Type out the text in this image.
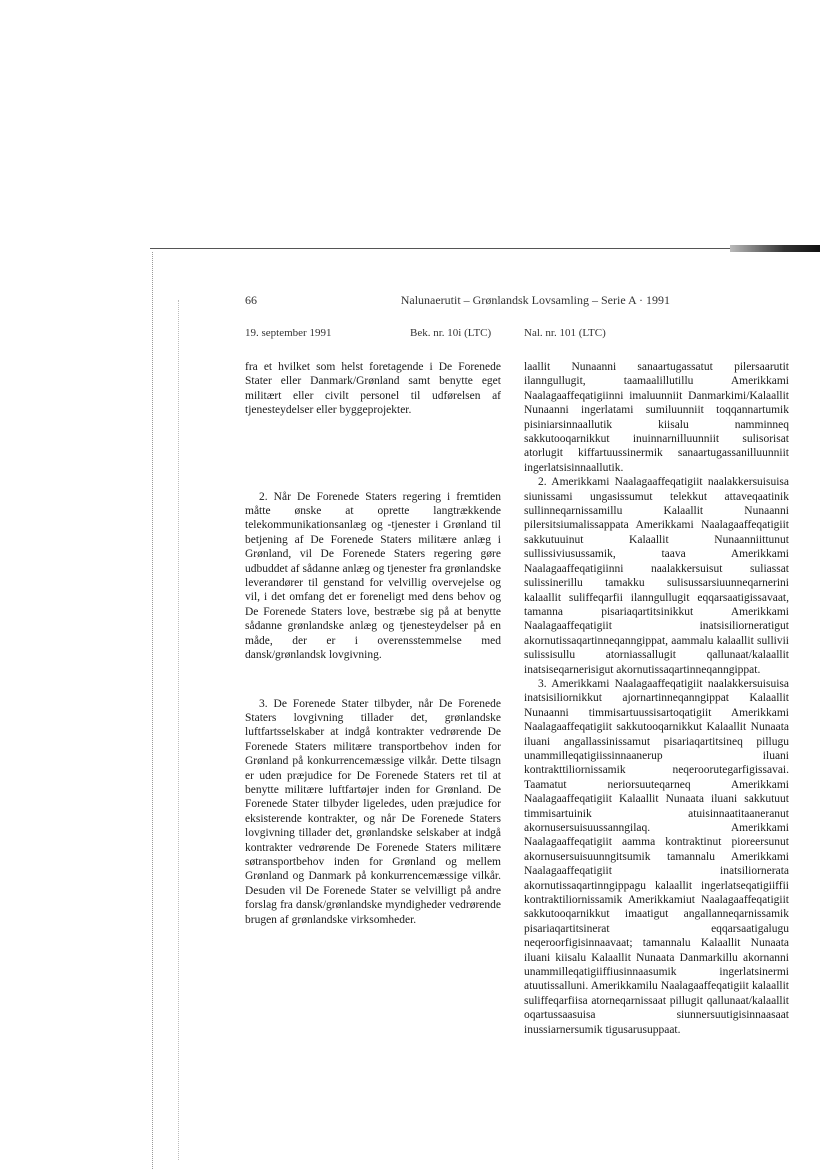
66	Nalunaerutit – Grønlandsk Lovsamling – Serie A · 1991
19. september 1991	Bek. nr. 10i (LTC)	Nal. nr. 101 (LTC)

fra et hvilket som helst foretagende i De Forenede Stater eller Danmark/Grønland samt benytte eget militært eller civilt personel til udførelsen af tjenesteydelser eller byggeprojekter.

2. Når De Forenede Staters regering i fremtiden måtte ønske at oprette langtrækkende telekommunikationsanlæg og -tjenester i Grønland til betjening af De Forenede Staters militære anlæg i Grønland, vil De Forenede Staters regering gøre udbuddet af sådanne anlæg og tjenester fra grønlandske leverandører til genstand for velvillig overvejelse og vil, i det omfang det er foreneligt med dens behov og De Forenede Staters love, bestræbe sig på at benytte sådanne grønlandske anlæg og tjenesteydelser på en måde, der er i overensstemmelse med dansk/grønlandsk lovgivning.

3. De Forenede Stater tilbyder, når De Forenede Staters lovgivning tillader det, grønlandske luftfartsselskaber at indgå kontrakter vedrørende De Forenede Staters militære transportbehov inden for Grønland på konkurrencemæssige vilkår. Dette tilsagn er uden præjudice for De Forenede Staters ret til at benytte militære luftfartøjer inden for Grønland. De Forenede Stater tilbyder ligeledes, uden præjudice for eksisterende kontrakter, og når De Forenede Staters lovgivning tillader det, grønlandske selskaber at indgå kontrakter vedrørende De Forenede Staters militære søtransportbehov inden for Grønland og mellem Grønland og Danmark på konkurrencemæssige vilkår. Desuden vil De Forenede Stater se velvilligt på andre forslag fra dansk/grønlandske myndigheder vedrørende brugen af grønlandske virksomheder.

laallit Nunaanni sanaartugassatut pilersaarutit ilanngullugit, taamaalillutillu Amerikkami Naalagaaffeqatigiinni imaluunniit Danmarkimi/Kalaallit Nunaanni ingerlatami sumiluunniit toqqannartumik pisiniarsinnaallutik kiisalu namminneq sakkutooqarnikkut inuinnarnilluunniit sulisorisat atorlugit kiffartuussinermik sanaartugassanilluunniit ingerlatsisinnaallutik.

2. Amerikkami Naalagaaffeqatigiit naalakkersuisuisa siunissami ungasissumut telekkut attaveqaatinik sullinneqarnissamillu Kalaallit Nunaanni pilersitsiumalissappata Amerikkami Naalagaaffeqatigiit sakkutuuinut Kalaallit Nunaanniittunut sullissiviusussamik, taava Amerikkami Naalagaaffeqatigiinni naalakkersuisut suliassat sulissinerillu tamakku sulisussarsiuunneqarnerini kalaallit suliffeqarfii ilanngullugit eqqarsaatigissavaat, tamanna pisariaqartitsinikkut Amerikkami Naalagaaffeqatigiit inatsisiliorneratigut akornutissaqartinneqanngippat, aammalu kalaallit sullivii sulissisullu atorniassallugit qallunaat/kalaallit inatsiseqarnerisigut akornutissaqartinneqanngippat.

3. Amerikkami Naalagaaffeqatigiit naalakkersuisuisa inatsisiliornikkut ajornartinneqanngippat Kalaallit Nunaanni timmisartuussisartoqatigiit Amerikkami Naalagaaffeqatigiit sakkutooqarnikkut Kalaallit Nunaata iluani angallassinissamut pisariaqartitsineq pillugu unammilleqatigiissinnaanerup iluani kontrakttiliornissamik neqeroorutegarfigissavai. Taamatut neriorsuuteqarneq Amerikkami Naalagaaffeqatigiit Kalaallit Nunaata iluani sakkutuut timmisartuinik atuisinnaatitaaneranut akornusersuisuussanngilaq. Amerikkami Naalagaaffeqatigiit aamma kontraktinut pioreersunut akornusersuisuunngitsumik tamannalu Amerikkami Naalagaaffeqatigiit inatsiliornerata akornutissaqartinngippagu kalaallit ingerlatseqatigiiffii kontraktiliornissamik Amerikkamiut Naalagaaffeqatigiit sakkutooqarnikkut imaatigut angallanneqarnissamik pisariaqartitsinerat eqqarsaatigalugu neqeroorfigisinnaavaat; tamannalu Kalaallit Nunaata iluani kiisalu Kalaallit Nunaata Danmarkillu akornanni unammilleqatigiiffiusinnaasumik ingerlatsinermi atuutissalluni. Amerikkamilu Naalagaaffeqatigiit kalaallit suliffeqarfiisa atorneqarnissaat pillugit qallunaat/kalaallit oqartussaasuisa siunnersuutigisinnaasaat inussiarnersumik tigusarusuppaat.
